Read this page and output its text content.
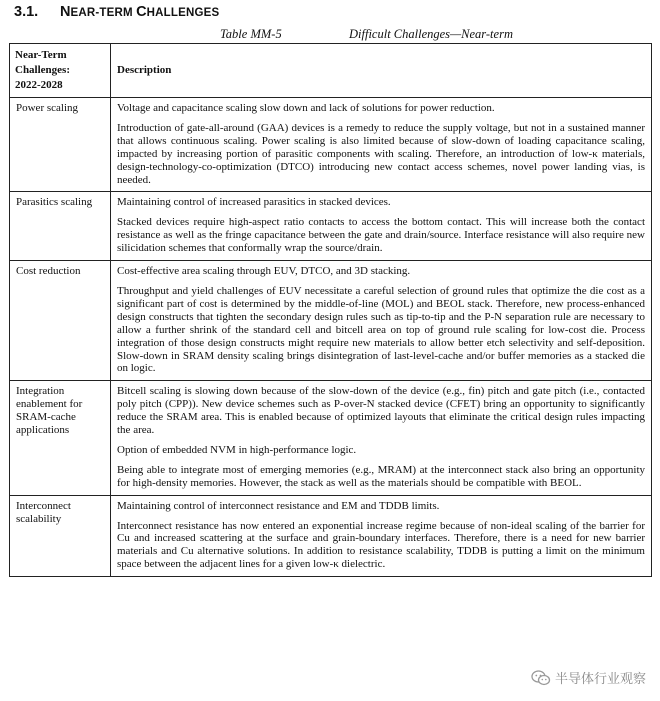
3.1. NEAR-TERM CHALLENGES
Table MM-5	Difficult Challenges—Near-term
Near-Term
Challenges:
2022-2028	Description
Power scaling	Voltage and capacitance scaling slow down and lack of solutions for power reduction.

Introduction of gate-all-around (GAA) devices is a remedy to reduce the supply voltage, but not in a sustained manner that allows continuous scaling. Power scaling is also limited because of slow-down of loading capacitance scaling, impacted by increasing portion of parasitic components with scaling. Therefore, an introduction of low-κ materials, design-technology-co-optimization (DTCO) introducing new contact access schemes, novel power landing vias, is needed.

Parasitics scaling	Maintaining control of increased parasitics in stacked devices.

Stacked devices require high-aspect ratio contacts to access the bottom contact. This will increase both the contact resistance as well as the fringe capacitance between the gate and drain/source. Interface resistance will also require new silicidation schemes that conformally wrap the source/drain.

Cost reduction	Cost-effective area scaling through EUV, DTCO, and 3D stacking.

Throughput and yield challenges of EUV necessitate a careful selection of ground rules that optimize the die cost as a significant part of cost is determined by the middle-of-line (MOL) and BEOL stack. Therefore, new process-enhanced design constructs that tighten the secondary design rules such as tip-to-tip and the P-N separation rule are necessary to allow a further shrink of the standard cell and bitcell area on top of ground rule scaling for low-cost die. Process integration of those design constructs might require new materials to allow better etch selectivity and self-deposition. Slow-down in SRAM density scaling brings disintegration of last-level-cache and/or buffer memories as a stacked die on logic.

Integration enablement for SRAM-cache applications	Bitcell scaling is slowing down because of the slow-down of the device (e.g., fin) pitch and gate pitch (i.e., contacted poly pitch (CPP)). New device schemes such as P-over-N stacked device (CFET) bring an opportunity to significantly reduce the SRAM area. This is enabled because of optimized layouts that eliminate the critical design rules impacting the area.

Option of embedded NVM in high-performance logic.

Being able to integrate most of emerging memories (e.g., MRAM) at the interconnect stack also bring an opportunity for high-density memories. However, the stack as well as the materials should be compatible with BEOL.

Interconnect scalability	Maintaining control of interconnect resistance and EM and TDDB limits.

Interconnect resistance has now entered an exponential increase regime because of non-ideal scaling of the barrier for Cu and increased scattering at the surface and grain-boundary interfaces. Therefore, there is a need for new barrier materials and Cu alternative solutions. In addition to resistance scalability, TDDB is putting a limit on the minimum space between the adjacent lines for a given low-κ dielectric.

半导体行业观察
